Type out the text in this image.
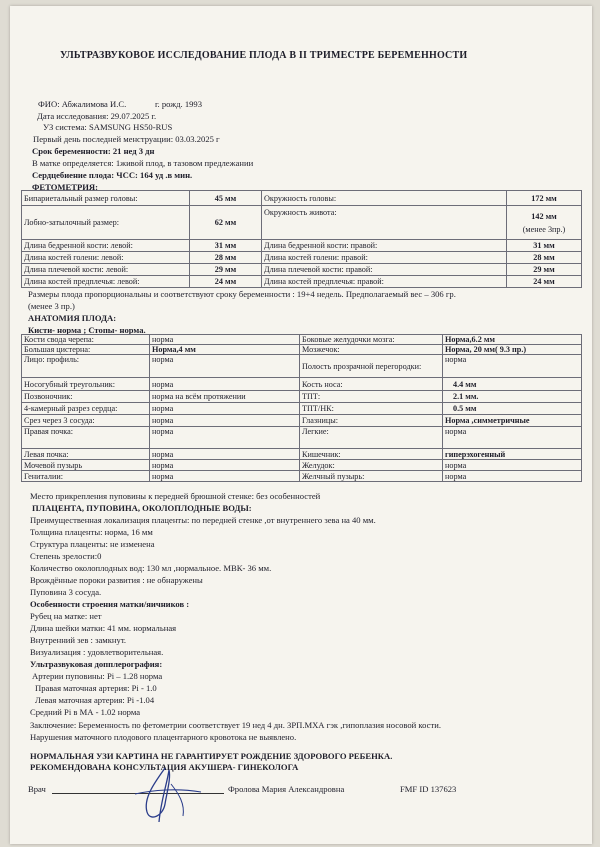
УЛЬТРАЗВУКОВОЕ ИССЛЕДОВАНИЕ ПЛОДА В II ТРИМЕСТРЕ БЕРЕМЕННОСТИ
ФИО: Абжалимова И.С.	г. рожд. 1993
Дата исследования: 29.07.2025 г.
УЗ система: SAMSUNG HS50-RUS
Первый день последней менструации: 03.03.2025 г
Срок беременности: 21 нед 3 дн
В матке определяется: 1живой плод, в тазовом предлежании
Сердцебиение плода: ЧСС: 164 уд .в мин.
ФЕТОМЕТРИЯ:
Бипариетальный размер головы:	45 мм	Окружность головы:	172 мм
Лобно-затылочный размер:	62 мм	Окружность живота:	142 мм
(менее 3пр.)

Длина бедренной кости: левой:	31 мм	Длина бедренной кости: правой:	31 мм
Длина костей голени: левой:	28 мм	Длина костей голени: правой:	28 мм
Длина плечевой кости: левой:	29 мм	Длина плечевой кости: правой:	29 мм
Длина костей предплечья: левой:	24 мм	Длина костей предплечья: правой:	24 мм
Размеры плода пропорциональны и соответствуют сроку беременности : 19+4 недель. Предполагаемый вес – 306 гр.
(менее 3 пр.)
АНАТОМИЯ ПЛОДА:
Кисти- норма ; Стопы- норма.
Кости свода черепа:	норма	Боковые желудочки мозга:	Норма,6.2 мм
Большая цистерна:	Норма,4 мм	Мозжечок:	Норма, 20 мм( 9.3 пр.)
Лицо: профиль:	норма	Полость прозрачной перегородки:	норма
Носогубный треугольник:	норма	Кость носа:	4.4 мм
Позвоночник:	норма на всём протяжении	ТПТ:	2.1 мм.
4-камерный разрез сердца:	норма	ТПТ/НК:	0.5 мм
Срез через 3 сосуда:	норма	Глазницы:	Норма ,симметричные
Правая почка:	норма	Легкие:	норма
Левая почка:	норма	Кишечник:	гиперэхогенный
Мочевой пузырь	норма	Желудок:	норма
Гениталии:	норма	Желчный пузырь:	норма
Место прикрепления пуповины к передней брюшной стенке: без особенностей
ПЛАЦЕНТА, ПУПОВИНА, ОКОЛОПЛОДНЫЕ ВОДЫ:
Преимущественная локализация плаценты: по передней стенке ,от внутреннего зева на 40 мм.
Толщина плаценты: норма, 16 мм
Структура плаценты: не изменена
Степень зрелости:0
Количество околоплодных вод: 130 мл ,нормальное. МВК- 36 мм.
Врождённые пороки развития : не обнаружены
Пуповина 3 сосуда.
Особенности строения матки/яичников :
Рубец на матке: нет
Длина шейки матки: 41 мм. нормальная
Внутренний зев : замкнут.
Визуализация : удовлетворительная.
Ультразвуковая допплерография:
Артерии пуповины: Pi – 1.28 норма
Правая маточная артерия: Pi - 1.0
Левая маточная артерия: Pi -1.04
Средний Pi в МА - 1.02 норма
Заключение: Беременность по фетометрии соответствует 19 нед 4 дн. ЗРП.МХА гэк ,гипоплазия носовой кости.
Нарушения маточного плодового плацентарного кровотока не выявлено.
НОРМАЛЬНАЯ УЗИ КАРТИНА НЕ ГАРАНТИРУЕТ РОЖДЕНИЕ ЗДОРОВОГО РЕБЕНКА.
РЕКОМЕНДОВАНА КОНСУЛЬТАЦИЯ АКУШЕРА- ГИНЕКОЛОГА
Врач	Фролова Мария Александровна	FMF ID 137623
